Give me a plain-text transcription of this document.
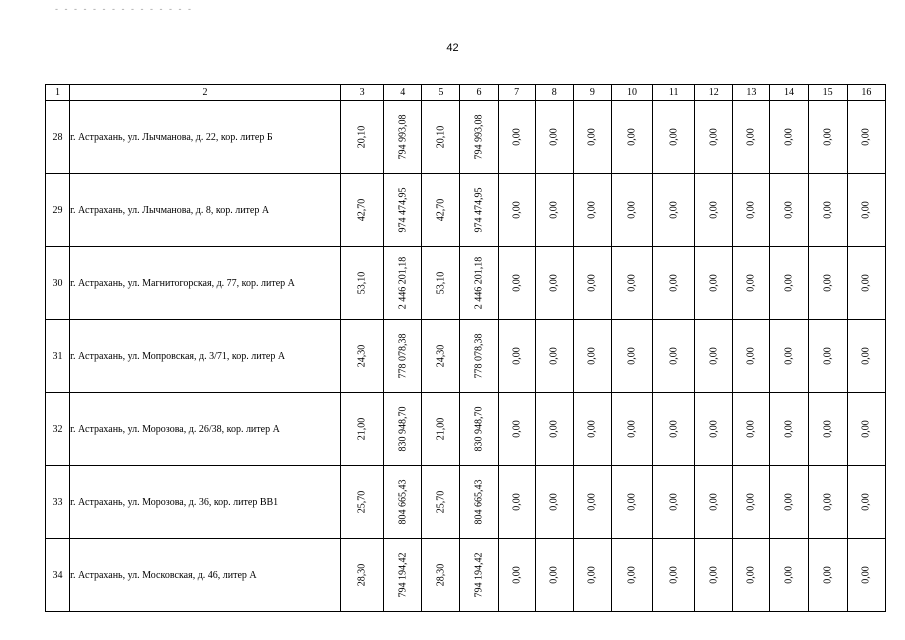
- - - - - - - - - - - - - - -
42
1	2	3	4	5	6	7	8	9	10	11	12	13	14	15	16
28	г. Астрахань, ул. Лычманова, д. 22, кор. литер Б	20,10	794 993,08	20,10	794 993,08	0,00	0,00	0,00	0,00	0,00	0,00	0,00	0,00	0,00	0,00

29	г. Астрахань, ул. Лычманова, д. 8, кор. литер А	42,70	974 474,95	42,70	974 474,95	0,00	0,00	0,00	0,00	0,00	0,00	0,00	0,00	0,00	0,00

30	г. Астрахань, ул. Магнитогорская, д. 77, кор. литер А	53,10	2 446 201,18	53,10	2 446 201,18	0,00	0,00	0,00	0,00	0,00	0,00	0,00	0,00	0,00	0,00

31	г. Астрахань, ул. Мопровская, д. 3/71, кор. литер А	24,30	778 078,38	24,30	778 078,38	0,00	0,00	0,00	0,00	0,00	0,00	0,00	0,00	0,00	0,00

32	г. Астрахань, ул. Морозова, д. 26/38, кор. литер А	21,00	830 948,70	21,00	830 948,70	0,00	0,00	0,00	0,00	0,00	0,00	0,00	0,00	0,00	0,00

33	г. Астрахань, ул. Морозова, д. 36, кор. литер ВВ1	25,70	804 665,43	25,70	804 665,43	0,00	0,00	0,00	0,00	0,00	0,00	0,00	0,00	0,00	0,00

34	г. Астрахань, ул. Московская, д. 46, литер А	28,30	794 194,42	28,30	794 194,42	0,00	0,00	0,00	0,00	0,00	0,00	0,00	0,00	0,00	0,00
